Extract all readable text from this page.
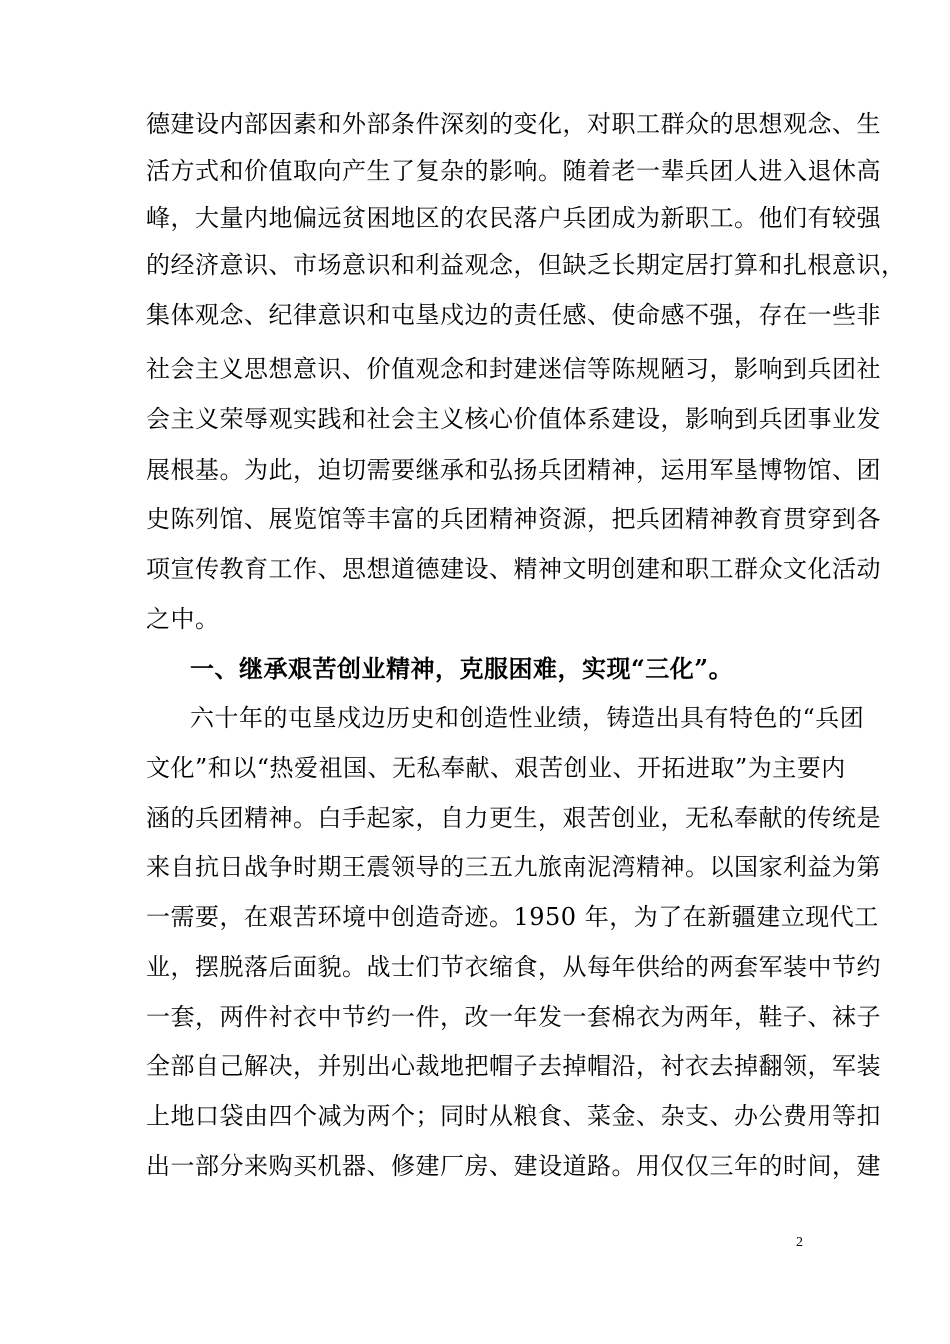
德建设内部因素和外部条件深刻的变化，对职工群众的思想观念、生
活方式和价值取向产生了复杂的影响。随着老一辈兵团人进入退休高
峰，大量内地偏远贫困地区的农民落户兵团成为新职工。他们有较强
的经济意识、市场意识和利益观念，但缺乏长期定居打算和扎根意识，
集体观念、纪律意识和屯垦戍边的责任感、使命感不强，存在一些非
社会主义思想意识、价值观念和封建迷信等陈规陋习，影响到兵团社
会主义荣辱观实践和社会主义核心价值体系建设，影响到兵团事业发
展根基。为此，迫切需要继承和弘扬兵团精神，运用军垦博物馆、团
史陈列馆、展览馆等丰富的兵团精神资源，把兵团精神教育贯穿到各
项宣传教育工作、思想道德建设、精神文明创建和职工群众文化活动
之中。
一、继承艰苦创业精神，克服困难，实现“三化”。
六十年的屯垦戍边历史和创造性业绩，铸造出具有特色的“兵团
文化”和以“热爱祖国、无私奉献、艰苦创业、开拓进取”为主要内
涵的兵团精神。白手起家，自力更生，艰苦创业，无私奉献的传统是
来自抗日战争时期王震领导的三五九旅南泥湾精神。以国家利益为第
一需要，在艰苦环境中创造奇迹。1950 年，为了在新疆建立现代工
业，摆脱落后面貌。战士们节衣缩食，从每年供给的两套军装中节约
一套，两件衬衣中节约一件，改一年发一套棉衣为两年，鞋子、袜子
全部自己解决，并别出心裁地把帽子去掉帽沿，衬衣去掉翻领，军装
上地口袋由四个减为两个；同时从粮食、菜金、杂支、办公费用等扣
出一部分来购买机器、修建厂房、建设道路。用仅仅三年的时间，建
2
